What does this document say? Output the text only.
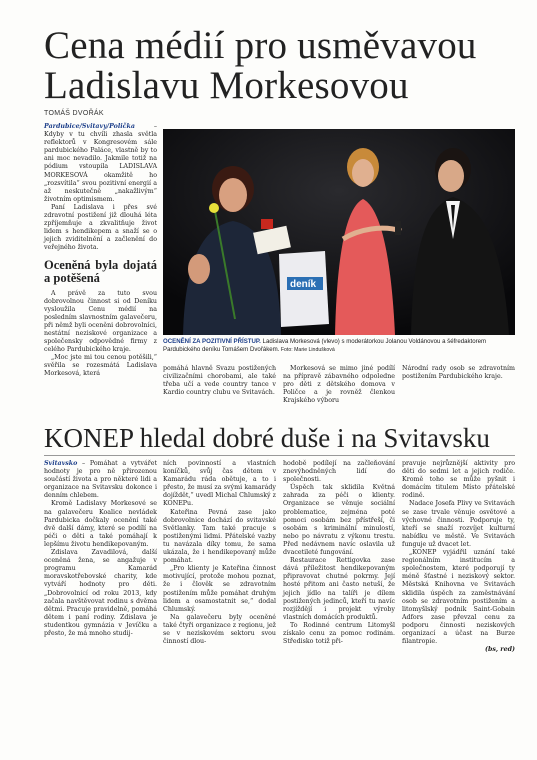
Cena médií pro usměvavou
Ladislavu Morkesovou
TOMÁŠ DVOŘÁK

Pardubice/Svitavy/Polička – Kdyby v tu chvíli zhasla světla reflektorů v Kongresovém sále pardubického Paláce, vlastně by to ani moc nevadilo. Jakmile totiž na pódium vstoupila LADISLAVA MORKESOVÁ okamžitě ho „rozsvítila“ svou pozitivní energií a až neskutečně „nakažlivým“ životním optimismem.

Paní Ladislava i přes své zdravotní postižení již dlouhá léta zpříjemňuje a zkvalitňuje život lidem s hendikepem a snaží se o jejich zviditelnění a začlenění do veřejného života.

Oceněná byla dojatá a potěšená

A právě za tuto svou dobrovolnou činnost si od Deníku vysloužila Cenu médií na posledním slavnostním galavečeru, při němž byli oceněni dobrovolníci, nestátní neziskové organizace a společensky odpovědné firmy z celého Pardubického kraje.

„Moc jste mi tou cenou potěšili,“ svěřila se rozesmátá Ladislava Morkesová, která

deník
OCENĚNÍ ZA POZITIVNÍ PŘÍSTUP. Ladislava Morkesová (vlevo) s moderátorkou Jolanou Voldánovou a šéfredaktorem Pardubického deníku Tomášem Dvořákem. Foto: Marie Lindušková

pomáhá hlavně Svazu postižených civilizačními chorobami, ale také třeba učí a vede country tance v Kardio country clubu ve Svitavách.

Morkesová se mimo jiné podílí na přípravě zábavného odpoledne pro děti z dětského domova v Poličce a je rovněž členkou Krajského výboru

Národní rady osob se zdravotním postižením Pardubického kraje.

KONEP hledal dobré duše i na Svitavsku

Svitavsko – Pomáhat a vytvářet hodnoty je pro ně přirozenou součástí života a pro některé lidi a organizace na Svitavsku dokonce i denním chlebem.

Kromě Ladislavy Morkesové se na galavečeru Koalice nevládek Pardubicka dočkaly ocenění také dvě další dámy, které se podílí na péči o děti a také pomáhají k lepšímu životu hendikepovaným.

Zdislava Zavadilová, další oceněná žena, se angažuje v programu Kamarád moravskotřebovské charity, kde vytváří hodnoty pro děti. „Dobrovolnicí od roku 2013, kdy začala navštěvovat rodinu s dvěma dětmi. Pracuje pravidelně, pomáhá dětem i paní rodiny. Zdislava je studentkou gymnázia v Jevíčku a přesto, že má mnoho studij-

ních povinností a vlastních koníčků, svůj čas dětem v Kamarádu ráda obětuje, a to i přesto, že musí za svými kamarády dojíždět,“ uvedl Michal Chlumský z KONEPu.

Kateřina Pevná zase jako dobrovolnice dochází do svitavské Světlanky. Tam také pracuje s postiženými lidmi. Přátelské vazby tu navázala díky tomu, že sama ukázala, že i hendikepovaný může pomáhat.

„Pro klienty je Kateřina činnost motivující, protože mohou poznat, že i člověk se zdravotním postižením může pomáhat druhým lidem a osamostatnit se,“ dodal Chlumský.

Na galavečeru byly oceněné také čtyři organizace z regionu, jež se v neziskovém sektoru svou činností dlou-

hodobě podílejí na začleňování znevýhodněných lidí do společnosti.

Úspěch tak sklidila Květná zahrada za péči o klienty. Organizace se věnuje sociální problematice, zejména poté pomoci osobám bez přístřeší, či osobám s kriminální minulostí, nebo po návratu z výkonu trestu. Před nedávnem navíc oslavila už dvacetileté fungování.

Restaurace Rettigovka zase dává příležitost hendikepovaným připravovat chutné pokrmy. Její hosté přitom ani často netuší, že jejich jídlo na talíři je dílem postižených jedinců, kteří tu navíc rozjíždějí i projekt výroby vlastních domácích produktů.

To Rodinné centrum Litomyšl získalo cenu za pomoc rodinám. Středisko totiž při-

pravuje nejrůznější aktivity pro děti do sedmi let a jejich rodiče. Kromě toho se může pyšnit i domácím titulem Místo přátelské rodině.

Nadace Josefa Plivy ve Svitavách se zase trvale věnuje osvětové a výchovné činnosti. Podporuje ty, kteří se snaží rozvíjet kulturní nabídku ve městě. Ve Svitavách funguje už dvacet let.

„KONEP vyjádřil uznání také regionálním institucím a společnostem, které podporují ty méně šťastné i neziskový sektor. Městská Knihovna ve Svitavách sklidila úspěch za zaměstnávání osob se zdravotním postižením a litomyšlský podnik Saint-Gobain Adfors zase převzal cenu za podporu činnosti neziskových organizací a účast na Burze filantropie.

(bs, red)
